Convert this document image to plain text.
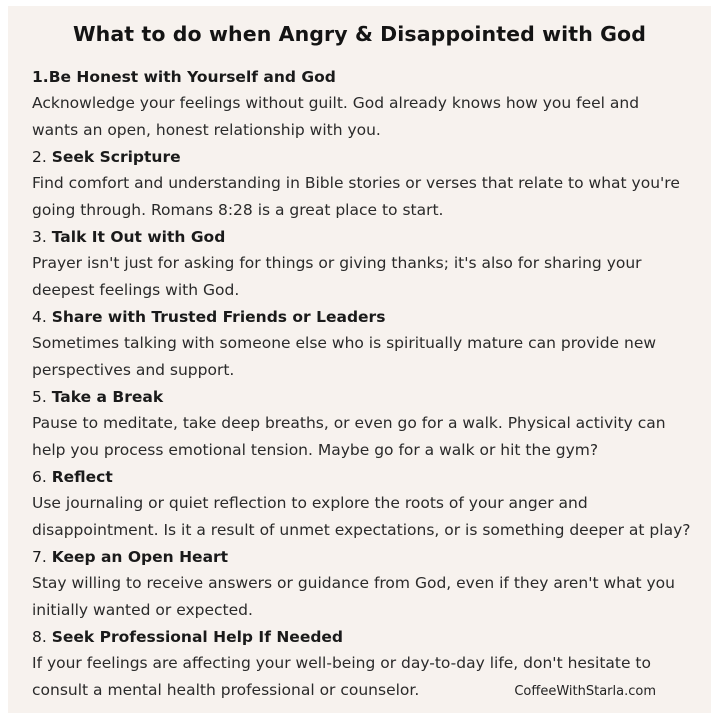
What to do when Angry & Disappointed with God
1.Be Honest with Yourself and God
Acknowledge your feelings without guilt. God already knows how you feel and
wants an open, honest relationship with you.
2. Seek Scripture
Find comfort and understanding in Bible stories or verses that relate to what you're
going through. Romans 8:28 is a great place to start.
3. Talk It Out with God
Prayer isn't just for asking for things or giving thanks; it's also for sharing your
deepest feelings with God.
4. Share with Trusted Friends or Leaders
Sometimes talking with someone else who is spiritually mature can provide new
perspectives and support.
5. Take a Break
Pause to meditate, take deep breaths, or even go for a walk. Physical activity can
help you process emotional tension. Maybe go for a walk or hit the gym?
6. Reflect
Use journaling or quiet reflection to explore the roots of your anger and
disappointment. Is it a result of unmet expectations, or is something deeper at play?
7. Keep an Open Heart
Stay willing to receive answers or guidance from God, even if they aren't what you
initially wanted or expected.
8. Seek Professional Help If Needed
If your feelings are affecting your well-being or day-to-day life, don't hesitate to
consult a mental health professional or counselor.	CoffeeWithStarla.com
